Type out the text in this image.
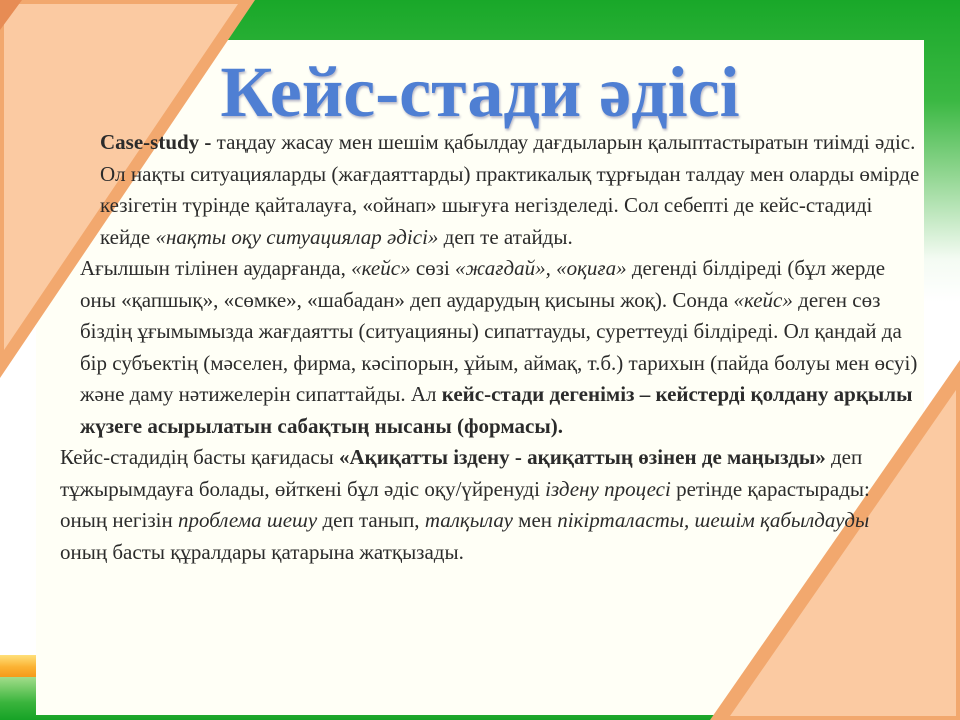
Кейс-стади әдісі

Case-study - таңдау жасау мен шешім қабылдау дағдыларын қалыптастыратын тиімді әдіс. Ол нақты ситуацияларды (жағдаяттарды) практикалық тұрғыдан талдау мен оларды өмірде кезігетін түрінде қайталауға, «ойнап» шығуға негізделеді. Сол себепті де кейс-стадиді кейде «нақты оқу ситуациялар әдісі» деп те атайды.

Ағылшын тілінен аударғанда, «кейс» сөзі «жағдай», «оқиға» дегенді білдіреді (бұл жерде оны «қапшық», «сөмке», «шабадан» деп аударудың қисыны жоқ). Сонда «кейс» деген сөз біздің ұғымымызда жағдаятты (ситуацияны) сипаттауды, суреттеуді білдіреді. Ол қандай да бір субъектің (мәселен, фирма, кәсіпорын, ұйым, аймақ, т.б.) тарихын (пайда болуы мен өсуі) және даму нәтижелерін сипаттайды. Ал кейс-стади дегеніміз – кейстерді қолдану арқылы жүзеге асырылатын сабақтың нысаны (формасы).

Кейс-стадидің басты қағидасы «Ақиқатты іздену - ақиқаттың өзінен де маңызды» деп тұжырымдауға болады, өйткені бұл әдіс оқу/үйренуді іздену процесі ретінде қарастырады: оның негізін проблема шешу деп танып, талқылау мен пікірталасты, шешім қабылдауды оның басты құралдары қатарына жатқызады.
